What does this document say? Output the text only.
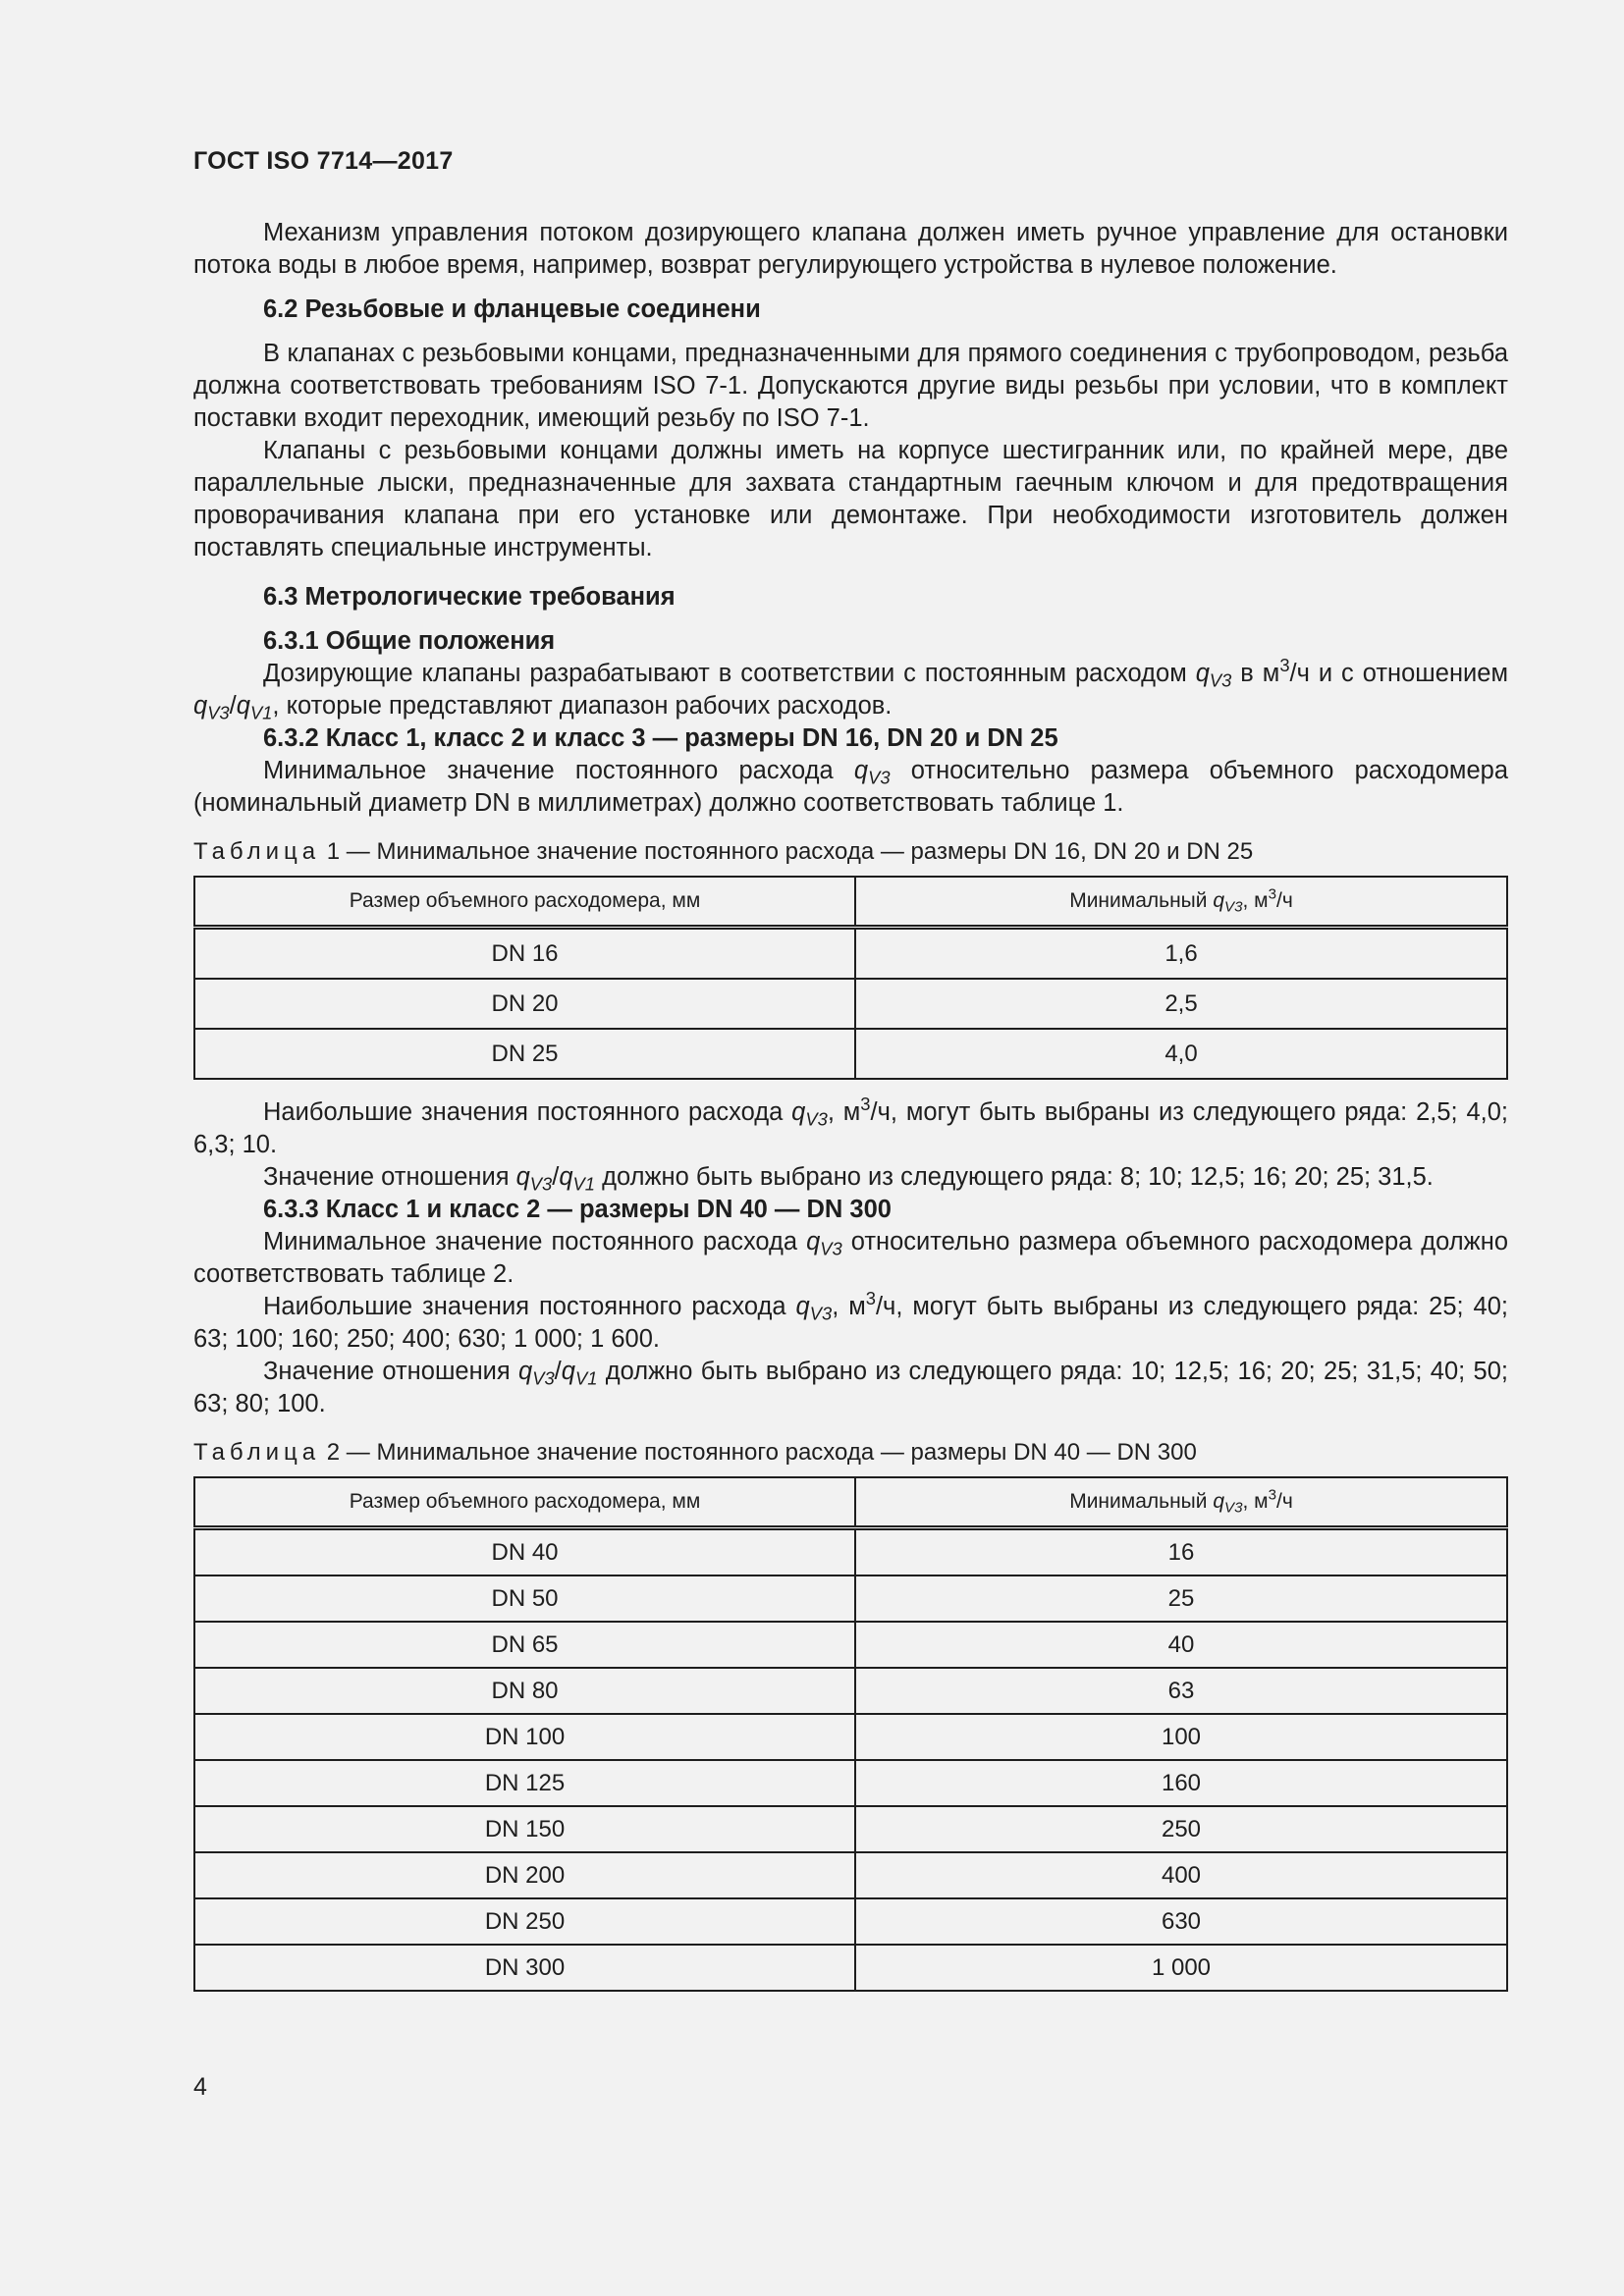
ГОСТ ISO 7714—2017

Механизм управления потоком дозирующего клапана должен иметь ручное управление для остановки потока воды в любое время, например, возврат регулирующего устройства в нулевое положение.

6.2 Резьбовые и фланцевые соединени

В клапанах с резьбовыми концами, предназначенными для прямого соединения с трубопроводом, резьба должна соответствовать требованиям ISO 7-1. Допускаются другие виды резьбы при условии, что в комплект поставки входит переходник, имеющий резьбу по ISO 7-1.

Клапаны с резьбовыми концами должны иметь на корпусе шестигранник или, по крайней мере, две параллельные лыски, предназначенные для захвата стандартным гаечным ключом и для предотвращения проворачивания клапана при его установке или демонтаже. При необходимости изготовитель должен поставлять специальные инструменты.

6.3 Метрологические требования
6.3.1 Общие положения

Дозирующие клапаны разрабатывают в соответствии с постоянным расходом $q_{V3}$ в $м^3/ч$ и с отношением $q_{V3}/q_{V1}$, которые представляют диапазон рабочих расходов.

6.3.2 Класс 1, класс 2 и класс 3 — размеры DN 16, DN 20 и DN 25

Минимальное значение постоянного расхода $q_{V3}$ относительно размера объемного расходомера (номинальный диаметр DN в миллиметрах) должно соответствовать таблице 1.

Таблица 1 — Минимальное значение постоянного расхода — размеры DN 16, DN 20 и DN 25
Размер объемного расходомера, мм	Минимальный $q_{V3}$, $м^3/ч$
DN 16	1,6
DN 20	2,5
DN 25	4,0

Наибольшие значения постоянного расхода $q_{V3}$, $м^3/ч$, могут быть выбраны из следующего ряда: 2,5; 4,0; 6,3; 10.

Значение отношения $q_{V3}/q_{V1}$ должно быть выбрано из следующего ряда: 8; 10; 12,5; 16; 20; 25; 31,5.

6.3.3 Класс 1 и класс 2 — размеры DN 40 — DN 300

Минимальное значение постоянного расхода $q_{V3}$ относительно размера объемного расходомера должно соответствовать таблице 2.

Наибольшие значения постоянного расхода $q_{V3}$, $м^3/ч$, могут быть выбраны из следующего ряда: 25; 40; 63; 100; 160; 250; 400; 630; 1 000; 1 600.

Значение отношения $q_{V3}/q_{V1}$ должно быть выбрано из следующего ряда: 10; 12,5; 16; 20; 25; 31,5; 40; 50; 63; 80; 100.

Таблица 2 — Минимальное значение постоянного расхода — размеры DN 40 — DN 300
Размер объемного расходомера, мм	Минимальный $q_{V3}$, $м^3/ч$
DN 40	16
DN 50	25
DN 65	40
DN 80	63
DN 100	100
DN 125	160
DN 150	250
DN 200	400
DN 250	630
DN 300	1 000
4
